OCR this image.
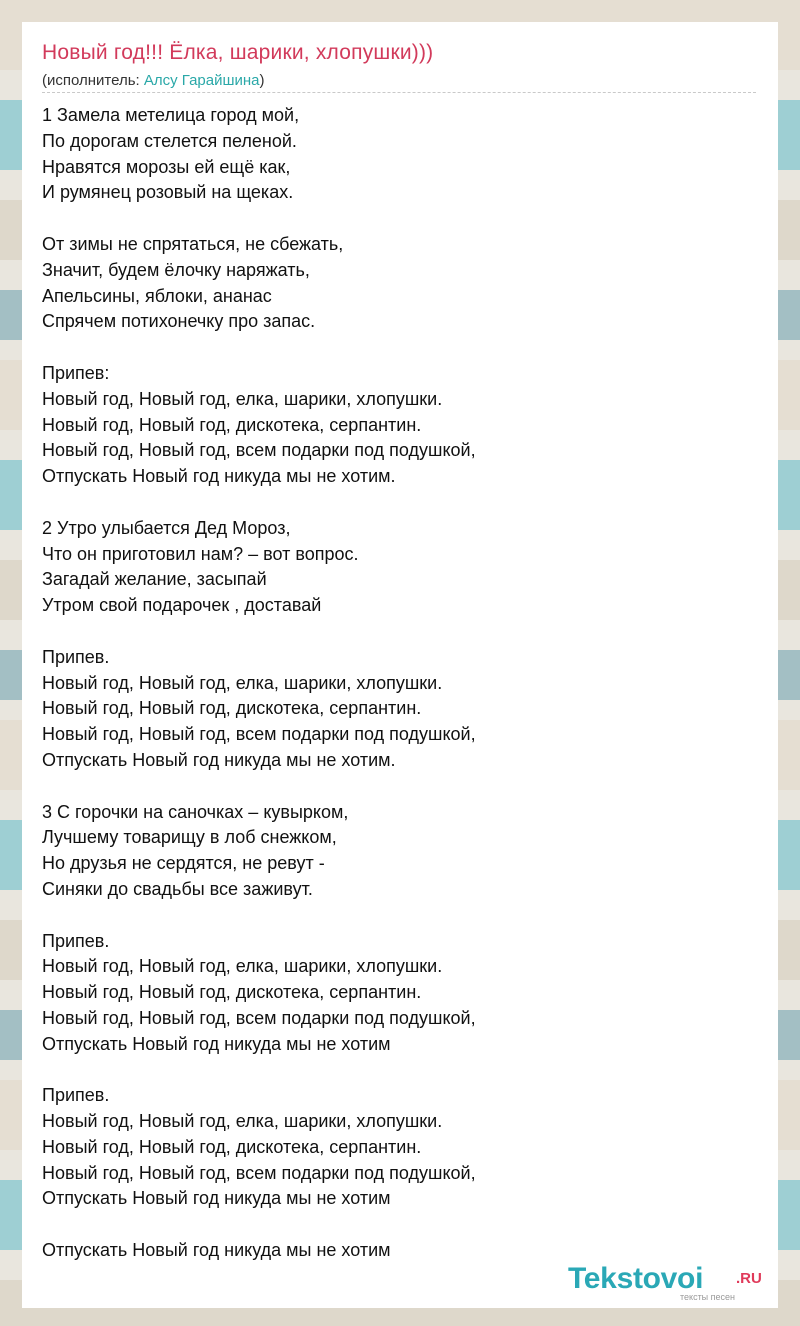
Новый год!!! Ёлка, шарики, хлопушки)))
(исполнитель: Алсу Гарайшина)
1 Замела метелица город мой,
По дорогам стелется пеленой.
Нравятся морозы ей ещё как,
И румянец розовый на щеках.
От зимы не спрятаться, не сбежать,
Значит, будем ёлочку наряжать,
Апельсины, яблоки, ананас
Спрячем потихонечку про запас.
Припев:
Новый год, Новый год, елка, шарики, хлопушки.
Новый год, Новый год, дискотека, серпантин.
Новый год, Новый год, всем подарки под подушкой,
Отпускать Новый год никуда мы не хотим.
2 Утро улыбается Дед Мороз,
Что он приготовил нам? – вот вопрос.
Загадай желание, засыпай
Утром свой подарочек , доставай
Припев.
Новый год, Новый год, елка, шарики, хлопушки.
Новый год, Новый год, дискотека, серпантин.
Новый год, Новый год, всем подарки под подушкой,
Отпускать Новый год никуда мы не хотим.
3 С горочки на саночках – кувырком,
Лучшему товарищу в лоб снежком,
Но друзья не сердятся, не ревут -
Синяки до свадьбы все заживут.
Припев.
Новый год, Новый год, елка, шарики, хлопушки.
Новый год, Новый год, дискотека, серпантин.
Новый год, Новый год, всем подарки под подушкой,
Отпускать Новый год никуда мы не хотим
Припев.
Новый год, Новый год, елка, шарики, хлопушки.
Новый год, Новый год, дискотека, серпантин.
Новый год, Новый год, всем подарки под подушкой,
Отпускать Новый год никуда мы не хотим
Отпускать Новый год никуда мы не хотим
Tekstovoi .RU
тексты песен
